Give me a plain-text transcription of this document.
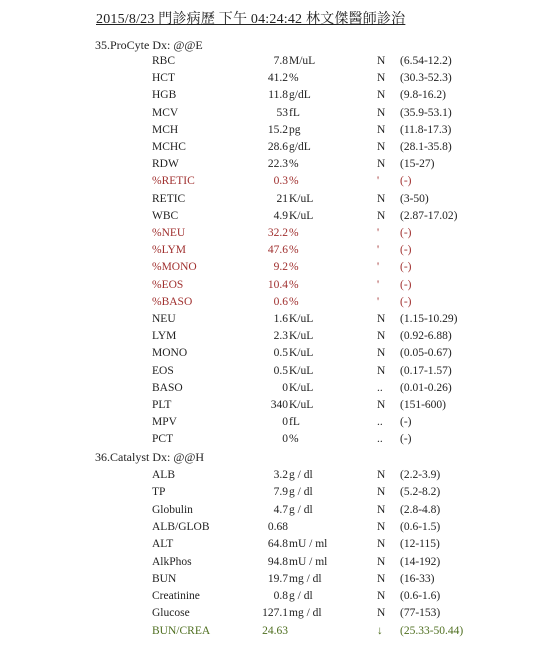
2015/8/23 門診病歷 下午 04:24:42 林文傑醫師診治
35.ProCyte Dx: @@E
RBC	7.8 M/uL	N (6.54-12.2)
HCT	41.2 %	N (30.3-52.3)
HGB	11.8 g/dL	N (9.8-16.2)
MCV	53 fL	N (35.9-53.1)
MCH	15.2 pg	N (11.8-17.3)
MCHC	28.6 g/dL	N (28.1-35.8)
RDW	22.3 %	N (15-27)
%RETIC	0.3 %	' (-)
RETIC	21 K/uL	N (3-50)
WBC	4.9 K/uL	N (2.87-17.02)
%NEU	32.2 %	' (-)
%LYM	47.6 %	' (-)
%MONO	9.2 %	' (-)
%EOS	10.4 %	' (-)
%BASO	0.6 %	' (-)
NEU	1.6 K/uL	N (1.15-10.29)
LYM	2.3 K/uL	N (0.92-6.88)
MONO	0.5 K/uL	N (0.05-0.67)
EOS	0.5 K/uL	N (0.17-1.57)
BASO	0 K/uL	.. (0.01-0.26)
PLT	340 K/uL	N (151-600)
MPV	0 fL	.. (-)
PCT	0 %	.. (-)
36.Catalyst Dx: @@H
ALB	3.2 g / dl	N (2.2-3.9)
TP	7.9 g / dl	N (5.2-8.2)
Globulin	4.7 g / dl	N (2.8-4.8)
ALB/GLOB	0.68	N (0.6-1.5)
ALT	64.8 mU / ml	N (12-115)
AlkPhos	94.8 mU / ml	N (14-192)
BUN	19.7 mg / dl	N (16-33)
Creatinine	0.8 g / dl	N (0.6-1.6)
Glucose	127.1 mg / dl	N (77-153)
BUN/CREA	24.63	↓ (25.33-50.44)
